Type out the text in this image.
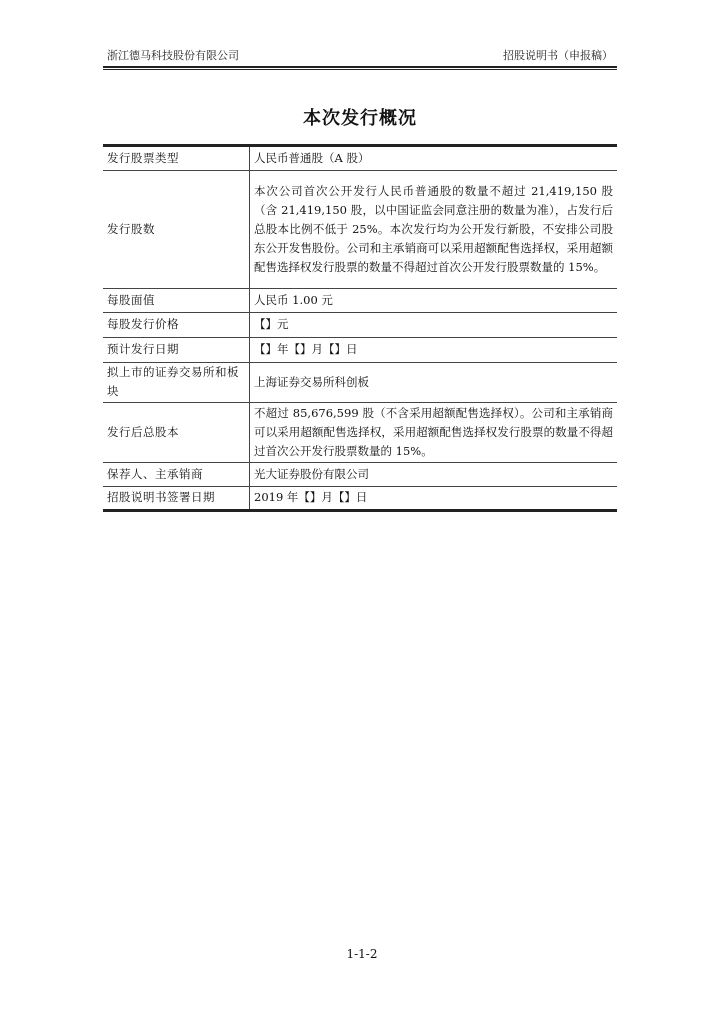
浙江德马科技股份有限公司	招股说明书（申报稿）
本次发行概况
发行股票类型	人民币普通股（A 股）
发行股数	本次公司首次公开发行人民币普通股的数量不超过 21,419,150 股（含 21,419,150 股，以中国证监会同意注册的数量为准），占发行后总股本比例不低于 25%。本次发行均为公开发行新股，不安排公司股东公开发售股份。公司和主承销商可以采用超额配售选择权，采用超额配售选择权发行股票的数量不得超过首次公开发行股票数量的 15%。
每股面值	人民币 1.00 元
每股发行价格	【】元
预计发行日期	【】年【】月【】日
拟上市的证券交易所和板块	上海证券交易所科创板
发行后总股本	不超过 85,676,599 股（不含采用超额配售选择权）。公司和主承销商可以采用超额配售选择权，采用超额配售选择权发行股票的数量不得超过首次公开发行股票数量的 15%。
保荐人、主承销商	光大证券股份有限公司
招股说明书签署日期	2019 年【】月【】日
1-1-2
